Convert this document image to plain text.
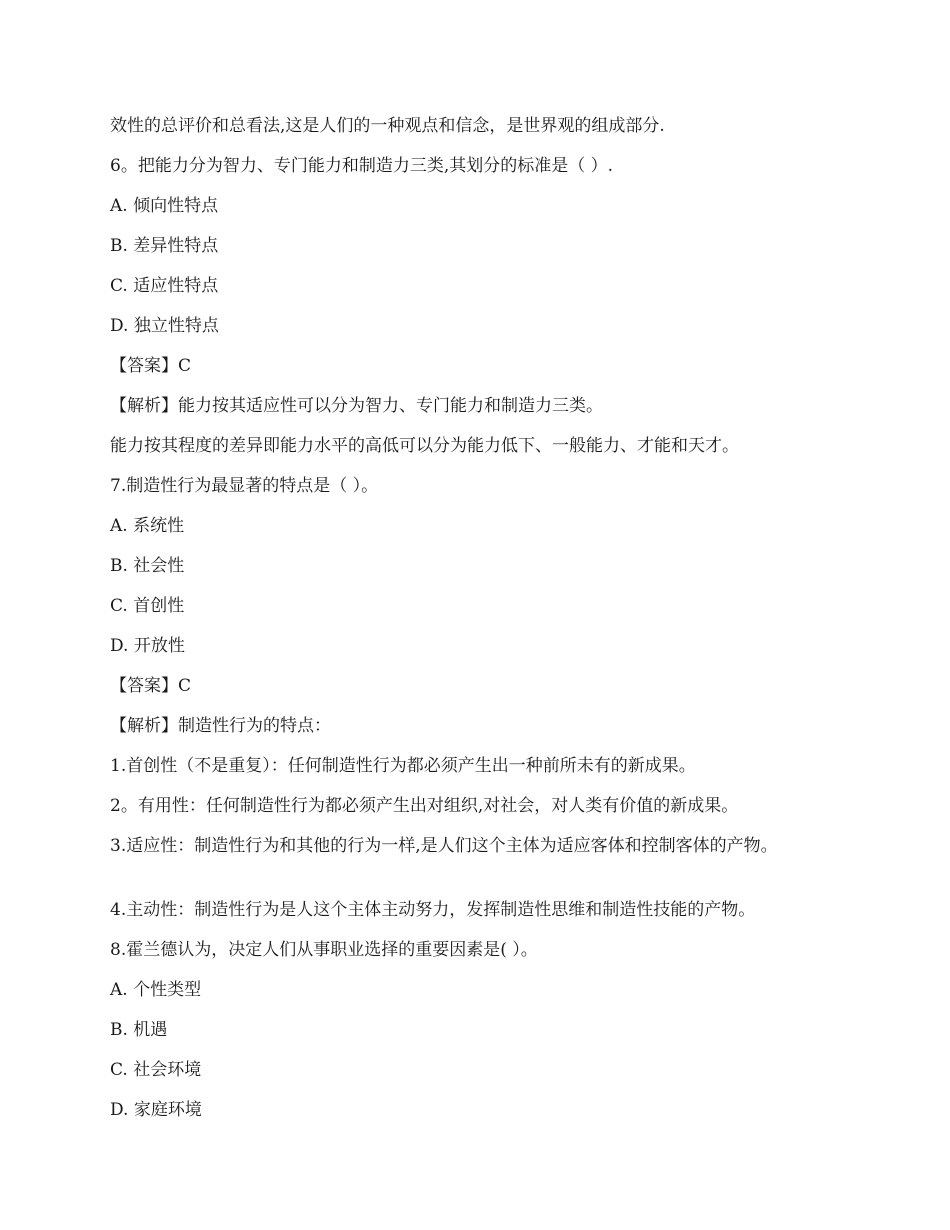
效性的总评价和总看法,这是人们的一种观点和信念，是世界观的组成部分.
6。把能力分为智力、专门能力和制造力三类,其划分的标准是（ ）.
A. 倾向性特点
B. 差异性特点
C. 适应性特点
D. 独立性特点
【答案】C
【解析】能力按其适应性可以分为智力、专门能力和制造力三类。
能力按其程度的差异即能力水平的高低可以分为能力低下、一般能力、才能和天才。
7.制造性行为最显著的特点是（ ）。
A. 系统性
B. 社会性
C. 首创性
D. 开放性
【答案】C
【解析】制造性行为的特点：
1.首创性（不是重复）：任何制造性行为都必须产生出一种前所未有的新成果。
2。有用性：任何制造性行为都必须产生出对组织,对社会，对人类有价值的新成果。
3.适应性：制造性行为和其他的行为一样,是人们这个主体为适应客体和控制客体的产物。
4.主动性：制造性行为是人这个主体主动努力，发挥制造性思维和制造性技能的产物。
8.霍兰德认为，决定人们从事职业选择的重要因素是( ）。
A. 个性类型
B. 机遇
C. 社会环境
D. 家庭环境
